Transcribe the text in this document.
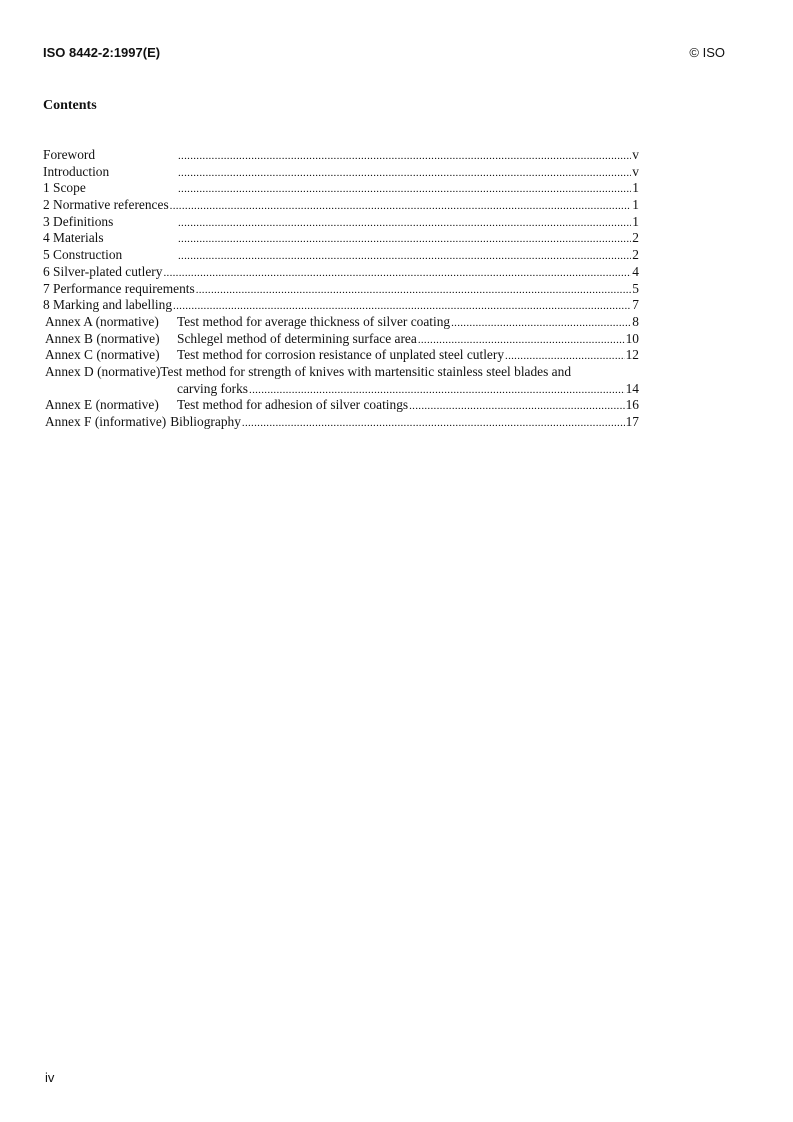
ISO 8442-2:1997(E)	© ISO
Contents
Foreword .....	v
Introduction .....	v
1 Scope .....	1
2 Normative references .....	1
3 Definitions .....	1
4 Materials .....	2
5 Construction .....	2
6 Silver-plated cutlery .....	4
7 Performance requirements .....	5
8 Marking and labelling .....	7
Annex A (normative)	Test method for average thickness of silver coating .....	8
Annex B (normative)	Schlegel method of determining surface area .....	10
Annex C (normative)	Test method for corrosion resistance of unplated steel cutlery .....	12
Annex D (normative)Test method for strength of knives with martensitic stainless steel blades and
carving forks .....	14
Annex E (normative)	Test method for adhesion of silver coatings .....	16
Annex F (informative) Bibliography .....	17
iv
